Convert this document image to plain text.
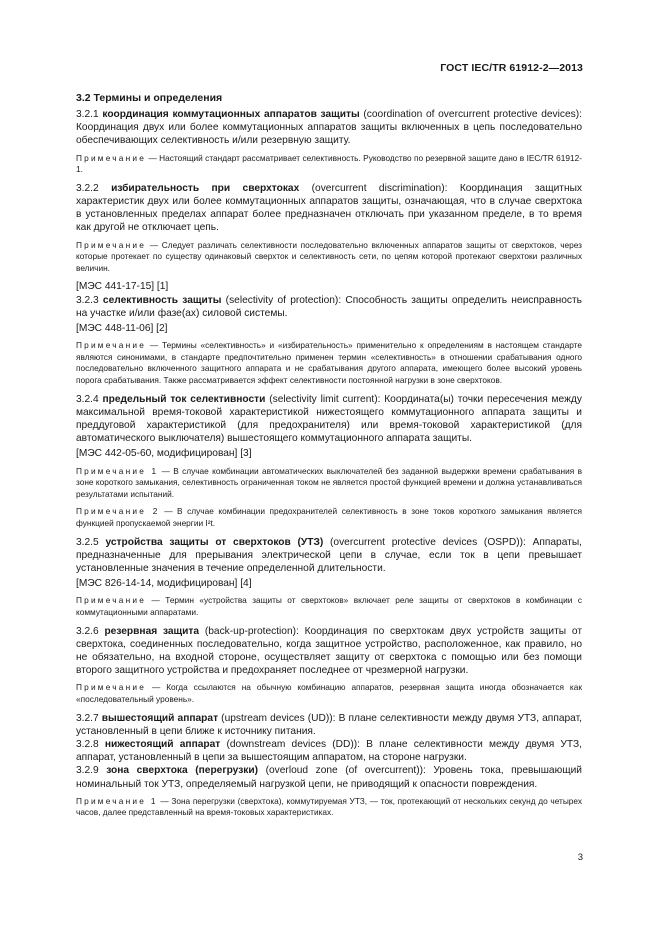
ГОСТ IEC/TR 61912-2—2013
3.2 Термины и определения

3.2.1 координация коммутационных аппаратов защиты (coordination of overcurrent protective devices): Координация двух или более коммутационных аппаратов защиты включенных в цепь последовательно обеспечивающих селективность и/или резервную защиту.

Примечание — Настоящий стандарт рассматривает селективность. Руководство по резервной защите дано в IEC/TR 61912-1.

3.2.2 избирательность при сверхтоках (overcurrent discrimination): Координация защитных характеристик двух или более коммутационных аппаратов защиты, означающая, что в случае сверхтока в установленных пределах аппарат более предназначен отключать при указанном пределе, в то время как другой не отключает цепь.

Примечание — Следует различать селективности последовательно включенных аппаратов защиты от сверхтоков, через которые протекает по существу одинаковый сверхток и селективность сети, по цепям которой протекают сверхтоки различных величин.

[МЭС 441-17-15] [1]

3.2.3 селективность защиты (selectivity of protection): Способность защиты определить неисправность на участке и/или фазе(ах) силовой системы.

[МЭС 448-11-06] [2]

Примечание — Термины «селективность» и «избирательность» применительно к определениям в настоящем стандарте являются синонимами, в стандарте предпочтительно применен термин «селективность» в отношении срабатывания одного последовательно включенного защитного аппарата и не срабатывания другого аппарата, имеющего более высокий уровень порога срабатывания. Также рассматривается эффект селективности постоянной нагрузки в зоне сверхтоков.

3.2.4 предельный ток селективности (selectivity limit current): Координата(ы) точки пересечения между максимальной время-токовой характеристикой нижестоящего коммутационного аппарата защиты и преддуговой характеристикой (для предохранителя) или время-токовой характеристикой (для автоматического выключателя) вышестоящего коммутационного аппарата защиты.

[МЭС 442-05-60, модифицирован] [3]

Примечание 1 — В случае комбинации автоматических выключателей без заданной выдержки времени срабатывания в зоне короткого замыкания, селективность ограниченная током не является простой функцией времени и должна устанавливаться результатами испытаний.

Примечание 2 — В случае комбинации предохранителей селективность в зоне токов короткого замыкания является функцией пропускаемой энергии I²t.

3.2.5 устройства защиты от сверхтоков (УТЗ) (overcurrent protective devices (OSPD)): Аппараты, предназначенные для прерывания электрической цепи в случае, если ток в цепи превышает установленные значения в течение определенной длительности.

[МЭС 826-14-14, модифицирован] [4]

Примечание — Термин «устройства защиты от сверхтоков» включает реле защиты от сверхтоков в комбинации с коммутационными аппаратами.

3.2.6 резервная защита (back-up-protection): Координация по сверхтокам двух устройств защиты от сверхтока, соединенных последовательно, когда защитное устройство, расположенное, как правило, но не обязательно, на входной стороне, осуществляет защиту от сверхтока с помощью или без помощи второго защитного устройства и предохраняет последнее от чрезмерной нагрузки.

Примечание — Когда ссылаются на обычную комбинацию аппаратов, резервная защита иногда обозначается как «последовательный уровень».

3.2.7 вышестоящий аппарат (upstream devices (UD)): В плане селективности между двумя УТЗ, аппарат, установленный в цепи ближе к источнику питания.

3.2.8 нижестоящий аппарат (downstream devices (DD)): В плане селективности между двумя УТЗ, аппарат, установленный в цепи за вышестоящим аппаратом, на стороне нагрузки.

3.2.9 зона сверхтока (перегрузки) (overloud zone (of overcurrent)): Уровень тока, превышающий номинальный ток УТЗ, определяемый нагрузкой цепи, не приводящий к опасности повреждения.

Примечание 1 — Зона перегрузки (сверхтока), коммутируемая УТЗ, — ток, протекающий от нескольких секунд до четырех часов, далее представленный на время-токовых характеристиках.

3
